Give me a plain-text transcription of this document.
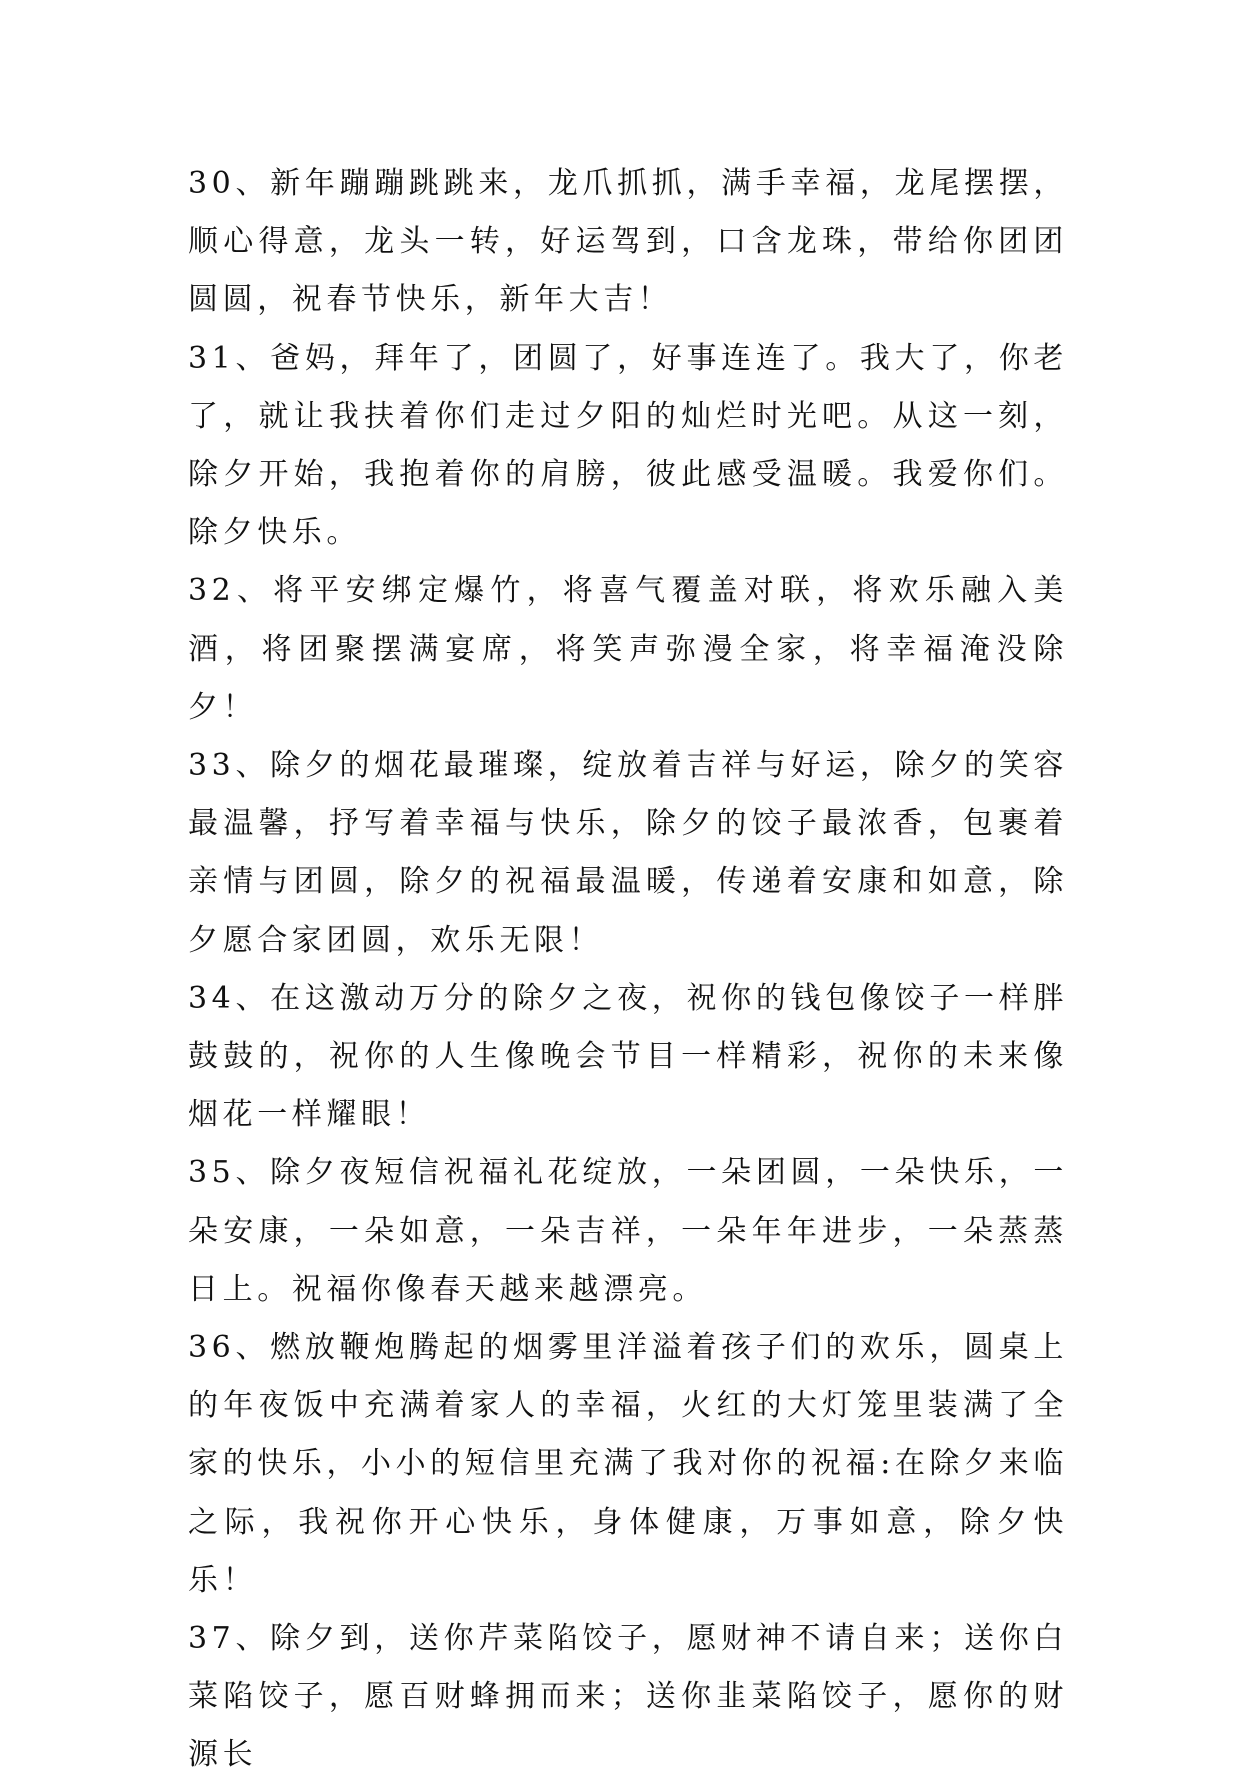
30、新年蹦蹦跳跳来，龙爪抓抓，满手幸福，龙尾摆摆，顺心得意，龙头一转，好运驾到，口含龙珠，带给你团团圆圆，祝春节快乐，新年大吉！

31、爸妈，拜年了，团圆了，好事连连了。我大了，你老了，就让我扶着你们走过夕阳的灿烂时光吧。从这一刻，除夕开始，我抱着你的肩膀，彼此感受温暖。我爱你们。除夕快乐。

32、将平安绑定爆竹，将喜气覆盖对联，将欢乐融入美酒，将团聚摆满宴席，将笑声弥漫全家，将幸福淹没除夕！

33、除夕的烟花最璀璨，绽放着吉祥与好运，除夕的笑容最温馨，抒写着幸福与快乐，除夕的饺子最浓香，包裹着亲情与团圆，除夕的祝福最温暖，传递着安康和如意，除夕愿合家团圆，欢乐无限！

34、在这激动万分的除夕之夜，祝你的钱包像饺子一样胖鼓鼓的，祝你的人生像晚会节目一样精彩，祝你的未来像烟花一样耀眼！

35、除夕夜短信祝福礼花绽放，一朵团圆，一朵快乐，一朵安康，一朵如意，一朵吉祥，一朵年年进步，一朵蒸蒸日上。祝福你像春天越来越漂亮。

36、燃放鞭炮腾起的烟雾里洋溢着孩子们的欢乐，圆桌上的年夜饭中充满着家人的幸福，火红的大灯笼里装满了全家的快乐，小小的短信里充满了我对你的祝福:在除夕来临之际，我祝你开心快乐，身体健康，万事如意，除夕快乐！

37、除夕到，送你芹菜陷饺子，愿财神不请自来；送你白菜陷饺子，愿百财蜂拥而来；送你韭菜陷饺子，愿你的财源长
